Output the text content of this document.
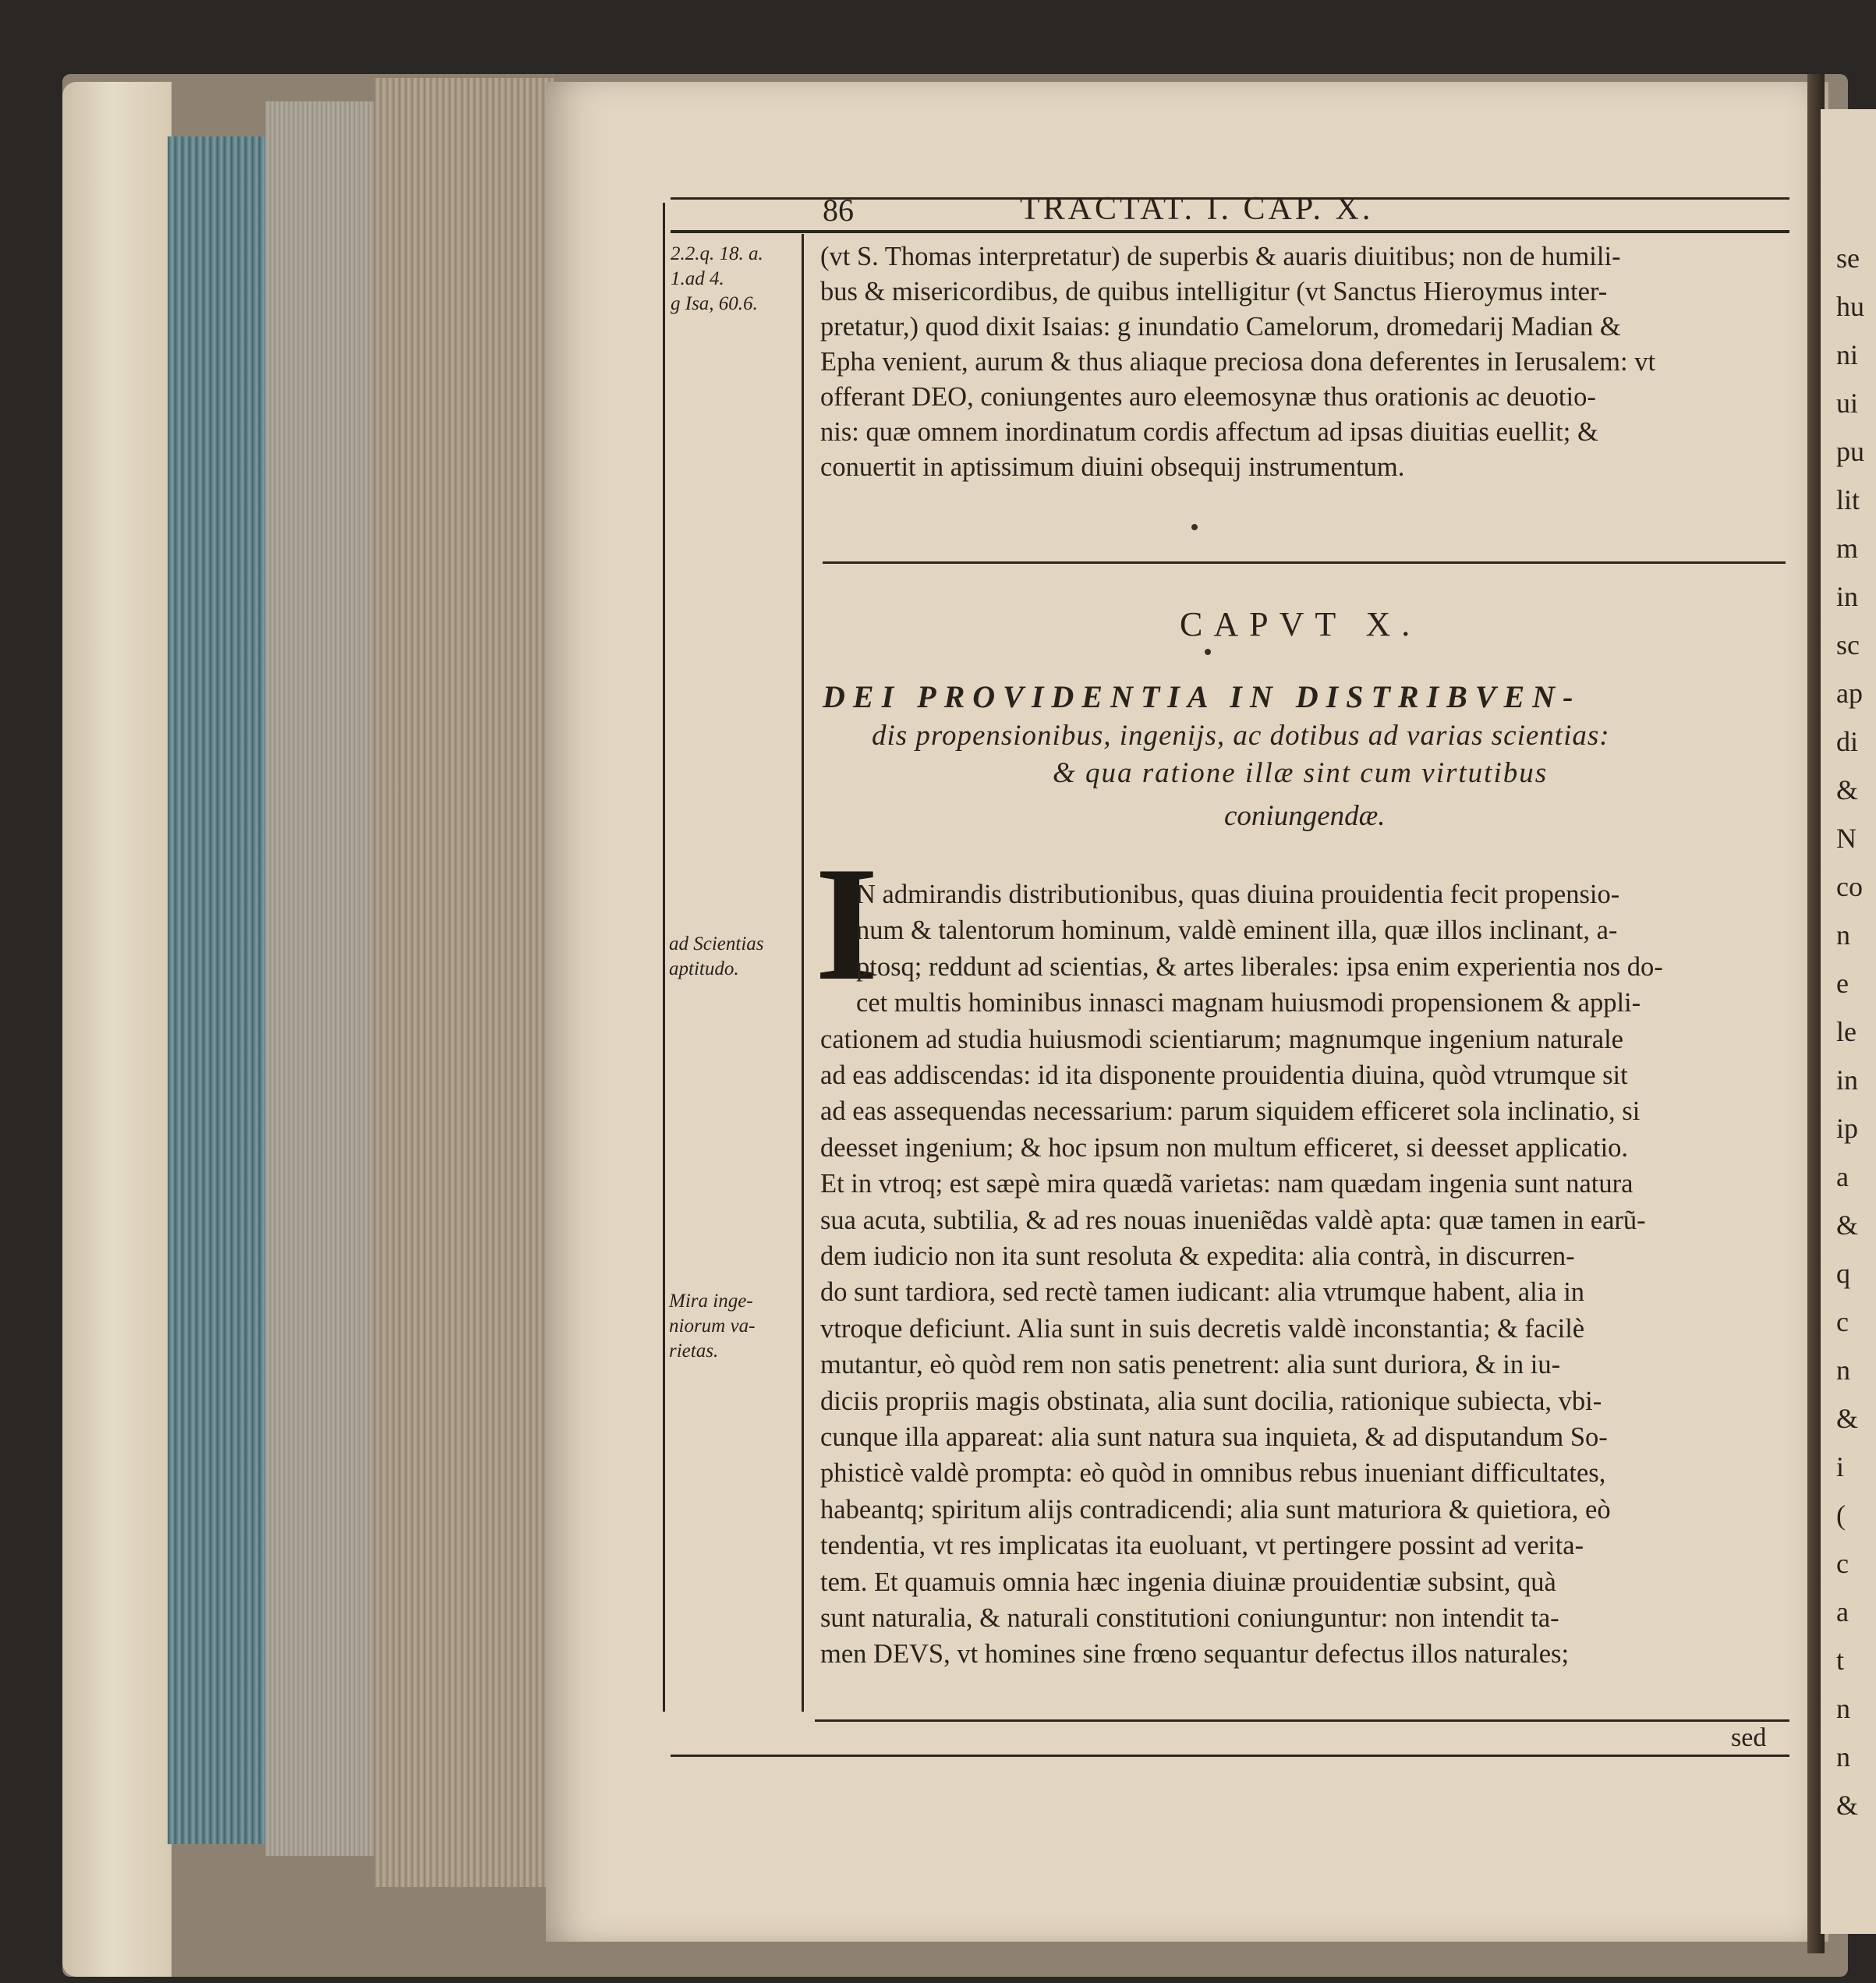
se
hu
ni
ui
pu
lit
m
in
sc
ap
di
&
N
co
n
e
le
in
ip
a
&
q
c
n
&
i
(
c
a
t
n
n
&
86	TRACTAT. I. CAP. X.
2.2.q. 18. a.
1.ad 4.
g Isa, 60.6.
ad Scientias
aptitudo.
Mira inge-
niorum va-
rietas.
(vt S. Thomas interpretatur) de superbis & auaris diuitibus; non de humili-
bus & misericordibus, de quibus intelligitur (vt Sanctus Hieroymus inter-
pretatur,) quod dixit Isaias: g inundatio Camelorum, dromedarij Madian &
Epha venient, aurum & thus aliaque preciosa dona deferentes in Ierusalem: vt
offerant DEO, coniungentes auro eleemosynæ thus orationis ac deuotio-
nis: quæ omnem inordinatum cordis affectum ad ipsas diuitias euellit; &
conuertit in aptissimum diuini obsequij instrumentum.
CAPVT X.
DEI PROVIDENTIA IN DISTRIBVEN-
dis propensionibus, ingenijs, ac dotibus ad varias scientias:
& qua ratione illæ sint cum virtutibus
coniungendæ.
I
N admirandis distributionibus, quas diuina prouidentia fecit propensio-
num & talentorum hominum, valdè eminent illa, quæ illos inclinant, a-
ptosq; reddunt ad scientias, & artes liberales: ipsa enim experientia nos do-
cet multis hominibus innasci magnam huiusmodi propensionem & appli-
cationem ad studia huiusmodi scientiarum; magnumque ingenium naturale
ad eas addiscendas: id ita disponente prouidentia diuina, quòd vtrumque sit
ad eas assequendas necessarium: parum siquidem efficeret sola inclinatio, si
deesset ingenium; & hoc ipsum non multum efficeret, si deesset applicatio.
Et in vtroq; est sæpè mira quædã varietas: nam quædam ingenia sunt natura
sua acuta, subtilia, & ad res nouas inueniẽdas valdè apta: quæ tamen in earũ-
dem iudicio non ita sunt resoluta & expedita: alia contrà, in discurren-
do sunt tardiora, sed rectè tamen iudicant: alia vtrumque habent, alia in
vtroque deficiunt. Alia sunt in suis decretis valdè inconstantia; & facilè
mutantur, eò quòd rem non satis penetrent: alia sunt duriora, & in iu-
diciis propriis magis obstinata, alia sunt docilia, rationique subiecta, vbi-
cunque illa appareat: alia sunt natura sua inquieta, & ad disputandum So-
phisticè valdè prompta: eò quòd in omnibus rebus inueniant difficultates,
habeantq; spiritum alijs contradicendi; alia sunt maturiora & quietiora, eò
tendentia, vt res implicatas ita euoluant, vt pertingere possint ad verita-
tem. Et quamuis omnia hæc ingenia diuinæ prouidentiæ subsint, quà
sunt naturalia, & naturali constitutioni coniunguntur: non intendit ta-
men DEVS, vt homines sine frœno sequantur defectus illos naturales;
sed
